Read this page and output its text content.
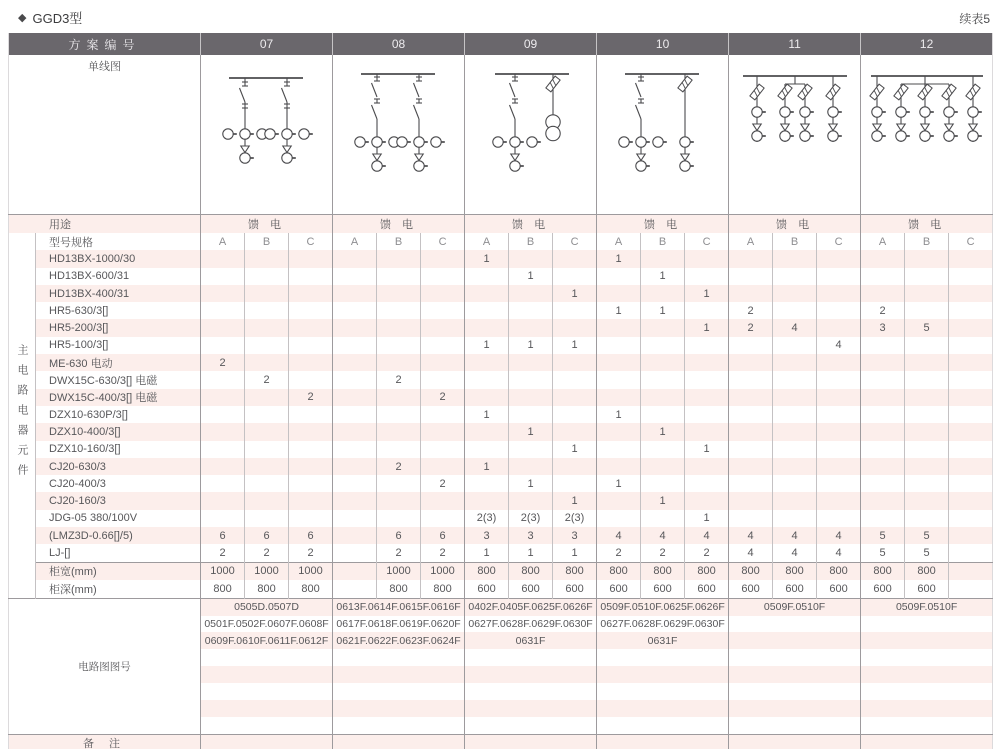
◆ GGD3型	续表5
方案编号		07			08			09			10			11			12		
单线图	

用途		馈 电			馈 电			馈 电			馈 电			馈 电			馈 电		
主电路电器元件	型号规格	A	B	C	A	B	C	A	B	C	A	B	C	A	B	C	A	B	C
	HD13BX-1000/30							1			1								
	HD13BX-600/31								1			1							
	HD13BX-400/31									1			1						
	HR5-630/3[]										1	1		2			2		
	HR5-200/3[]												1	2	4		3	5	
	HR5-100/3[]							1	1	1						4			
	ME-630 电动	2																	
	DWX15C-630/3[] 电磁		2			2													
	DWX15C-400/3[] 电磁			2			2												
	DZX10-630P/3[]							1			1								
	DZX10-400/3[]								1			1							
	DZX10-160/3[]									1			1						
	CJ20-630/3					2		1											
	CJ20-400/3						2		1		1								
	CJ20-160/3									1		1							
	JDG-05 380/100V							2(3)	2(3)	2(3)			1						
	(LMZ3D-0.66[]/5)	6	6	6		6	6	3	3	3	4	4	4	4	4	4	5	5	
	LJ-[]	2	2	2		2	2	1	1	1	2	2	2	4	4	4	5	5	
	柜宽(mm)	1000	1000	1000		1000	1000	800	800	800	800	800	800	800	800	800	800	800	
	柜深(mm)	800	800	800		800	800	600	600	600	600	600	600	600	600	600	600	600	
电路图图号		0505D.0507D			0613F.0614F.0615F.0616F			0402F.0405F.0625F.0626F			0509F.0510F.0625F.0626F			0509F.0510F			0509F.0510F		
		0501F.0502F.0607F.0608F			0617F.0618F.0619F.0620F			0627F.0628F.0629F.0630F			0627F.0628F.0629F.0630F								
		0609F.0610F.0611F.0612F			0621F.0622F.0623F.0624F			0631F			0631F								

备 注																			
